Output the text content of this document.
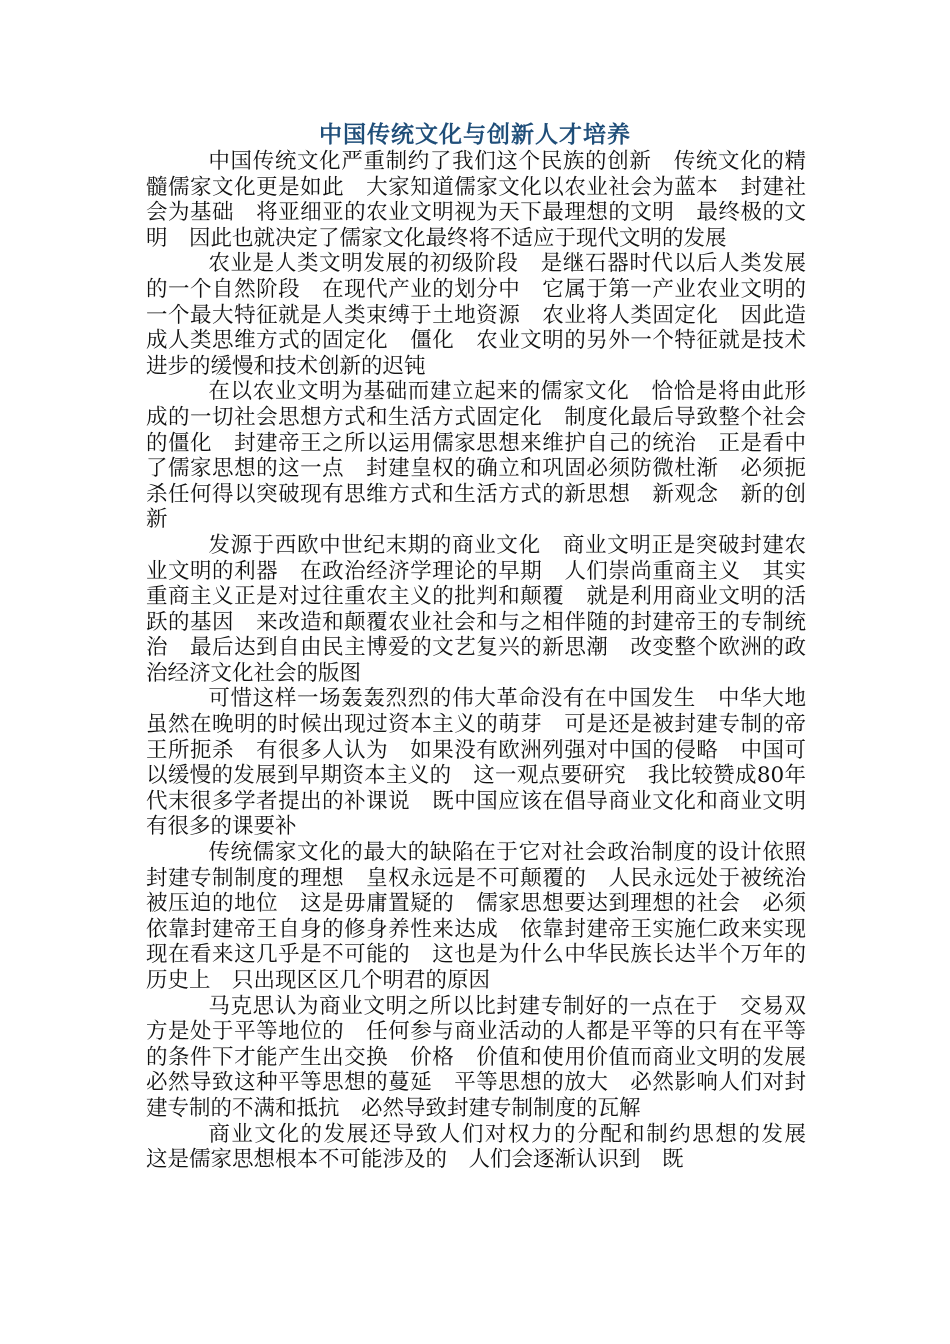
中国传统文化与创新人才培养

中国传统文化严重制约了我们这个民族的创新　传统文化的精髓儒家文化更是如此　大家知道儒家文化以农业社会为蓝本　封建社会为基础　将亚细亚的农业文明视为天下最理想的文明　最终极的文明　因此也就决定了儒家文化最终将不适应于现代文明的发展

农业是人类文明发展的初级阶段　是继石器时代以后人类发展的一个自然阶段　在现代产业的划分中　它属于第一产业农业文明的一个最大特征就是人类束缚于土地资源　农业将人类固定化　因此造成人类思维方式的固定化　僵化　农业文明的另外一个特征就是技术进步的缓慢和技术创新的迟钝

在以农业文明为基础而建立起来的儒家文化　恰恰是将由此形成的一切社会思想方式和生活方式固定化　制度化最后导致整个社会的僵化　封建帝王之所以运用儒家思想来维护自己的统治　正是看中了儒家思想的这一点　封建皇权的确立和巩固必须防微杜渐　必须扼杀任何得以突破现有思维方式和生活方式的新思想　新观念　新的创新

发源于西欧中世纪末期的商业文化　商业文明正是突破封建农业文明的利器　在政治经济学理论的早期　人们崇尚重商主义　其实重商主义正是对过往重农主义的批判和颠覆　就是利用商业文明的活跃的基因　来改造和颠覆农业社会和与之相伴随的封建帝王的专制统治　最后达到自由民主博爱的文艺复兴的新思潮　改变整个欧洲的政治经济文化社会的版图

可惜这样一场轰轰烈烈的伟大革命没有在中国发生　中华大地虽然在晚明的时候出现过资本主义的萌芽　可是还是被封建专制的帝王所扼杀　有很多人认为　如果没有欧洲列强对中国的侵略　中国可以缓慢的发展到早期资本主义的　这一观点要研究　我比较赞成80年代末很多学者提出的补课说　既中国应该在倡导商业文化和商业文明有很多的课要补

传统儒家文化的最大的缺陷在于它对社会政治制度的设计依照封建专制制度的理想　皇权永远是不可颠覆的　人民永远处于被统治被压迫的地位　这是毋庸置疑的　儒家思想要达到理想的社会　必须依靠封建帝王自身的修身养性来达成　依靠封建帝王实施仁政来实现　现在看来这几乎是不可能的　这也是为什么中华民族长达半个万年的历史上　只出现区区几个明君的原因

马克思认为商业文明之所以比封建专制好的一点在于　交易双方是处于平等地位的　任何参与商业活动的人都是平等的只有在平等的条件下才能产生出交换　价格　价值和使用价值而商业文明的发展　必然导致这种平等思想的蔓延　平等思想的放大　必然影响人们对封建专制的不满和抵抗　必然导致封建专制制度的瓦解

商业文化的发展还导致人们对权力的分配和制约思想的发展　这是儒家思想根本不可能涉及的　人们会逐渐认识到　既
